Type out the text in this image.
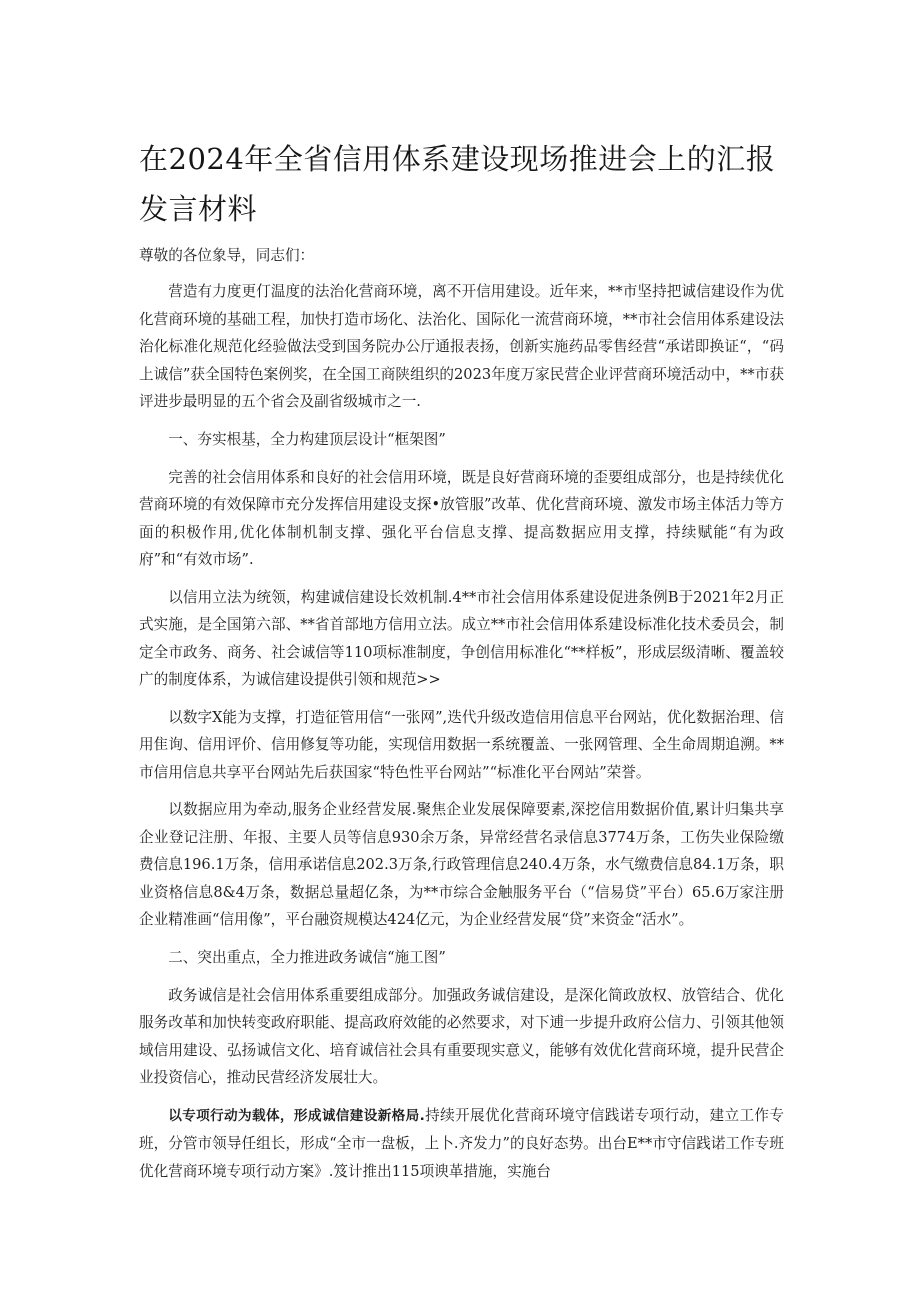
在2024年全省信用体系建设现场推进会上的汇报发言材料

尊敬的各位象导，同志们：

营造有力度更仃温度的法治化营商环境，离不开信用建设。近年来，**市坚持把诚信建设作为优化营商环境的基础工程，加快打造市场化、法治化、国际化一流营商环境，**市社会信用体系建设法治化标准化规范化经验做法受到国务院办公厅通报表扬，创新实施药品零售经营“承诺即换证“，“码上诚信”获全国特色案例奖，在全国工商陕组织的2023年度万家民营企业评营商环境活动中，**市获评进步最明显的五个省会及副省级城市之一.

一、夯实根基，全力构建顶层设计“框架图”

完善的社会信用体系和良好的社会信用环境，既是良好营商环境的歪要组成部分，也是持续优化营商环境的有效保障市充分发挥信用建设支探•放管服”改革、优化营商环境、激发市场主体活力等方面的积极作用,优化体制机制支撑、强化平台信息支撑、提高数据应用支撑，持续赋能“有为政府”和“有效市场”.

以信用立法为统领，构建诚信建设长效机制.4**市社会信用体系建设促进条例B于2021年2月正式实施，是全国第六部、**省首部地方信用立法。成立**市社会信用体系建设标准化技术委员会，制定全市政务、商务、社会诚信等110项标准制度，争创信用标准化“**样板”，形成层级清晰、覆盖较广的制度体系，为诚信建设提供引领和规范>>

以数字X能为支撑，打造征管用信“一张网”,迭代升级改造信用信息平台网站，优化数据治理、信用隹询、信用评价、信用修复等功能，实现信用数据一系统覆盖、一张网管理、全生命周期追溯。**市信用信息共享平台网站先后获国家“特色性平台网站”“标准化平台网站”荣誉。

以数据应用为牵动,服务企业经营发展.聚焦企业发展保障要素,深挖信用数据价值,累计归集共享企业登记注册、年报、主要人员等信息930余万条，异常经营名录信息3774万条，工伤失业保险缴费信息196.1万条，信用承诺信息202.3万条,行政管理信息240.4万条，水气缴费信息84.1万条，职业资格信息8&4万条，数据总量超亿条，为**市综合金触服务平台（“信易贷”平台）65.6万家注册企业精准画“信用像”，平台融资规模达424亿元，为企业经营发展“贷”来资金“活水”。

二、突出重点，全力推进政务诚信“施工图”

政务诚信是社会信用体系重要组成部分。加强政务诚信建设，是深化简政放权、放管结合、优化服务改革和加快转变政府职能、提高政府效能的必然要求，对下逋一步提升政府公信力、引领其他领域信用建设、弘扬诚信文化、培育诚信社会具有重要现实意义，能够有效优化营商环境，提升民营企业投资信心，推动民营经济发展壮大。

以专项行动为载体，形成诚信建设新格局.持续开展优化营商环境守信践诺专项行动，建立工作专班，分管市领导任组长，形成“全市一盘板，上卜.齐发力”的良好态势。出台E**市守信践诺工作专班优化营商环境专项行动方案》.笈计推出115项谀革措施，实施台
